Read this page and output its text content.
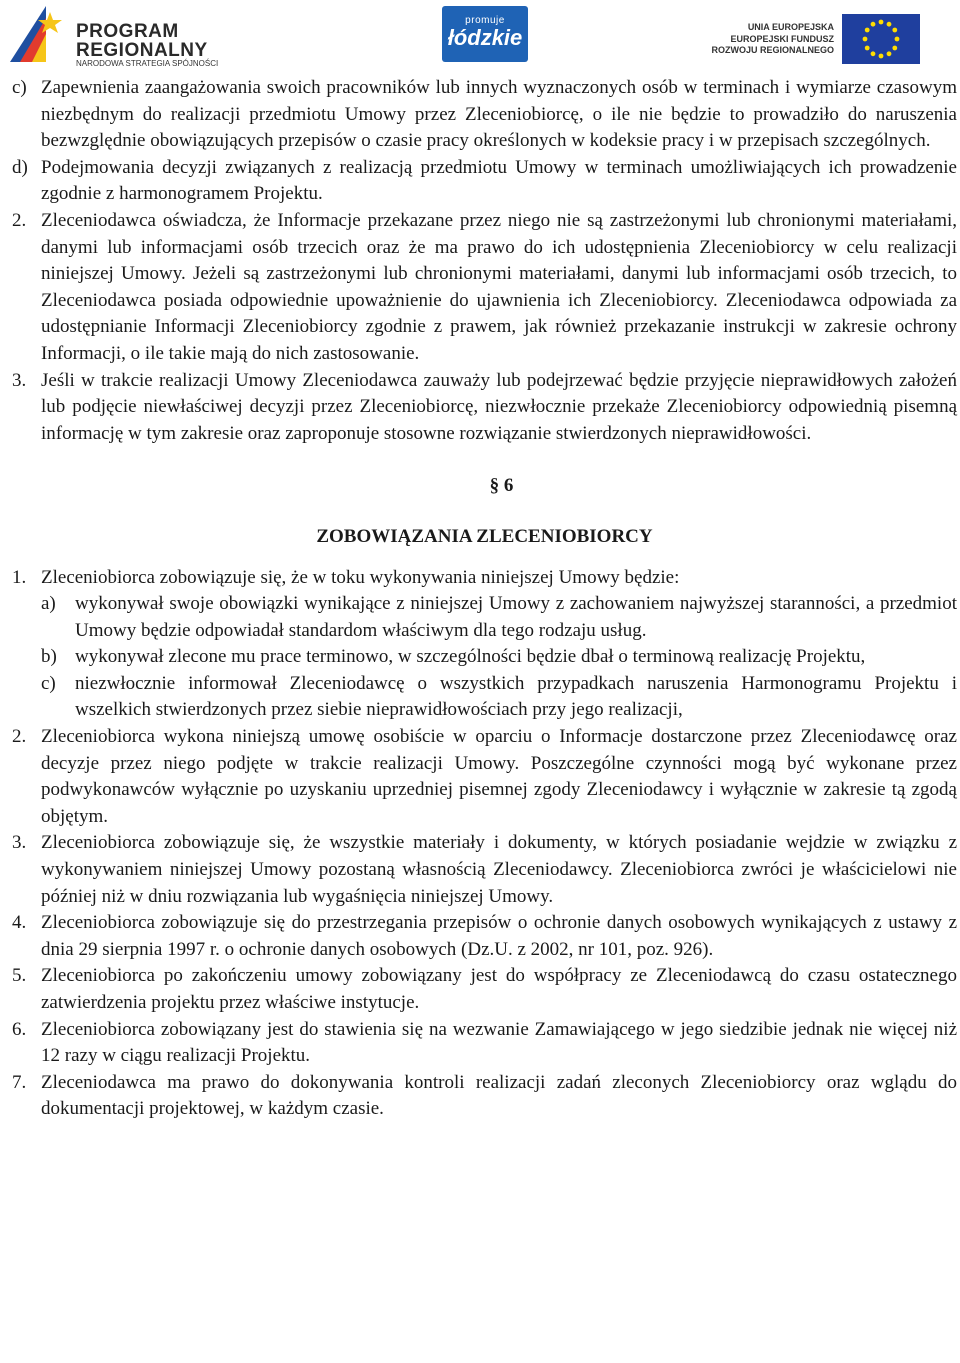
PROGRAM
REGIONALNY
NARODOWA STRATEGIA SPÓJNOŚCI
promuje
łódzkie	UNIA EUROPEJSKA
EUROPEJSKI FUNDUSZ
ROZWOJU REGIONALNEGO
c) Zapewnienia zaangażowania swoich pracowników lub innych wyznaczonych osób w terminach i wymiarze czasowym niezbędnym do realizacji przedmiotu Umowy przez Zleceniobiorcę, o ile nie będzie to prowadziło do naruszenia bezwzględnie obowiązujących przepisów o czasie pracy określonych w kodeksie pracy i w przepisach szczególnych.
d) Podejmowania decyzji związanych z realizacją przedmiotu Umowy w terminach umożliwiających ich prowadzenie zgodnie z harmonogramem Projektu.
2. Zleceniodawca oświadcza, że Informacje przekazane przez niego nie są zastrzeżonymi lub chronionymi materiałami, danymi lub informacjami osób trzecich oraz że ma prawo do ich udostępnienia Zleceniobiorcy w celu realizacji niniejszej Umowy. Jeżeli są zastrzeżonymi lub chronionymi materiałami, danymi lub informacjami osób trzecich, to Zleceniodawca posiada odpowiednie upoważnienie do ujawnienia ich Zleceniobiorcy. Zleceniodawca odpowiada za udostępnianie Informacji Zleceniobiorcy zgodnie z prawem, jak również przekazanie instrukcji w zakresie ochrony Informacji, o ile takie mają do nich zastosowanie.
3. Jeśli w trakcie realizacji Umowy Zleceniodawca zauważy lub podejrzewać będzie przyjęcie nieprawidłowych założeń lub podjęcie niewłaściwej decyzji przez Zleceniobiorcę, niezwłocznie przekaże Zleceniobiorcy odpowiednią pisemną informację w tym zakresie oraz zaproponuje stosowne rozwiązanie stwierdzonych nieprawidłowości.
§ 6
ZOBOWIĄZANIA ZLECENIOBIORCY
1. Zleceniobiorca zobowiązuje się, że w toku wykonywania niniejszej Umowy będzie:
a) wykonywał swoje obowiązki wynikające z niniejszej Umowy z zachowaniem najwyższej staranności, a przedmiot Umowy będzie odpowiadał standardom właściwym dla tego rodzaju usług.
b) wykonywał zlecone mu prace terminowo, w szczególności będzie dbał o terminową realizację Projektu,
c) niezwłocznie informował Zleceniodawcę o wszystkich przypadkach naruszenia Harmonogramu Projektu i wszelkich stwierdzonych przez siebie nieprawidłowościach przy jego realizacji,
2. Zleceniobiorca wykona niniejszą umowę osobiście w oparciu o Informacje dostarczone przez Zleceniodawcę oraz decyzje przez niego podjęte w trakcie realizacji Umowy. Poszczególne czynności mogą być wykonane przez podwykonawców wyłącznie po uzyskaniu uprzedniej pisemnej zgody Zleceniodawcy i wyłącznie w zakresie tą zgodą objętym.
3. Zleceniobiorca zobowiązuje się, że wszystkie materiały i dokumenty, w których posiadanie wejdzie w związku z wykonywaniem niniejszej Umowy pozostaną własnością Zleceniodawcy. Zleceniobiorca zwróci je właścicielowi nie później niż w dniu rozwiązania lub wygaśnięcia niniejszej Umowy.
4. Zleceniobiorca zobowiązuje się do przestrzegania przepisów o ochronie danych osobowych wynikających z ustawy z dnia 29 sierpnia 1997 r. o ochronie danych osobowych (Dz.U. z 2002, nr 101, poz. 926).
5. Zleceniobiorca po zakończeniu umowy zobowiązany jest do współpracy ze Zleceniodawcą do czasu ostatecznego zatwierdzenia projektu przez właściwe instytucje.
6. Zleceniobiorca zobowiązany jest do stawienia się na wezwanie Zamawiającego w jego siedzibie jednak nie więcej niż 12 razy w ciągu realizacji Projektu.
7. Zleceniodawca ma prawo do dokonywania kontroli realizacji zadań zleconych Zleceniobiorcy oraz wglądu do dokumentacji projektowej, w każdym czasie.
